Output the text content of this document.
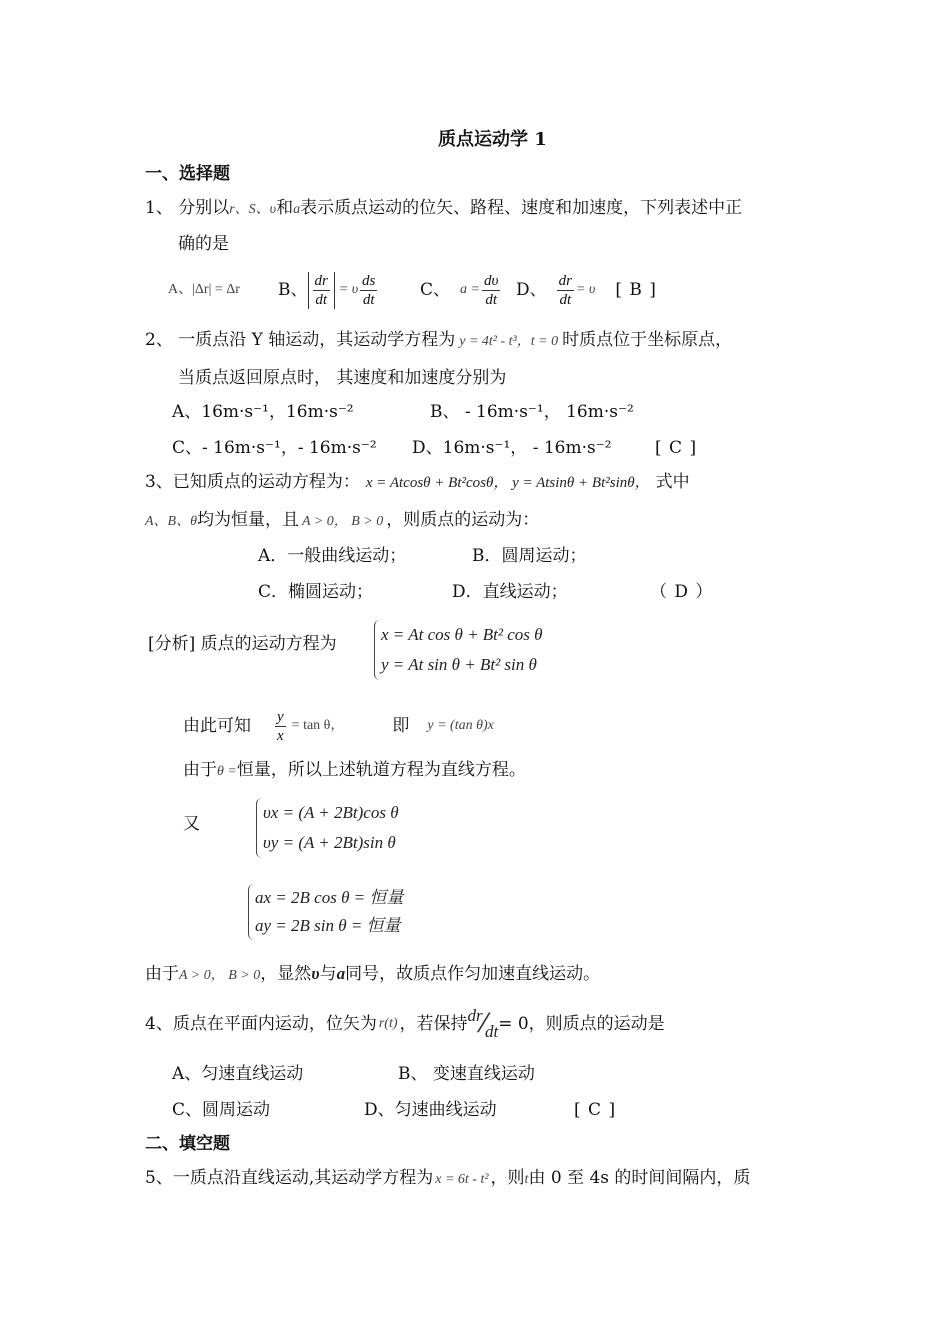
质点运动学 1
一、选择题
1、 分别以r、S、υ和a表示质点运动的位矢、路程、速度和加速度，下列表述中正
确的是
A、|Δr| = Δr B、 $\frac{dr}{dt} = \upsilon \frac{ds}{dt}$	C、 $a = \frac{d\upsilon}{dt}$ D、 $\frac{dr}{dt} = \upsilon$ [ B ]
2、 一质点沿 Y 轴运动，其运动学方程为 y = 4t² - t³，t = 0 时质点位于坐标原点，
当质点返回原点时， 其速度和加速度分别为
A、16m·s⁻¹，16m·s⁻²	B、 - 16m·s⁻¹， 16m·s⁻²
C、- 16m·s⁻¹，- 16m·s⁻² D、16m·s⁻¹， - 16m·s⁻²	[ C ]
3、已知质点的运动方程为： x = Atcosθ + Bt²cosθ， y = Atsinθ + Bt²sinθ， 式中
A、B、θ均为恒量，且 A > 0， B > 0 ，则质点的运动为：
A．一般曲线运动；	B．圆周运动；
C．椭圆运动；	D．直线运动；	（ D ）
[分析] 质点的运动方程为	x = At cos θ + Bt² cos θ
y = At sin θ + Bt² sin θ
由此可知 $\frac{y}{x} = \tan \theta$，	即 y = (tan θ)x
由于θ =恒量，所以上述轨道方程为直线方程。
又
υx = (A + 2Bt)cos θ
υy = (A + 2Bt)sin θ
ax = 2B cos θ = 恒量
ay = 2B sin θ = 恒量
由于A > 0， B > 0，显然υ与a同号，故质点作匀加速直线运动。
4、质点在平面内运动，位矢为 r(t) ，若保持 dr ⁄ dt = 0，则质点的运动是
A、匀速直线运动	B、 变速直线运动
C、圆周运动	D、匀速曲线运动	[ C ]
二、填空题
5、一质点沿直线运动,其运动学方程为 x = 6t - t² ，则t由 0 至 4s 的时间间隔内，质
